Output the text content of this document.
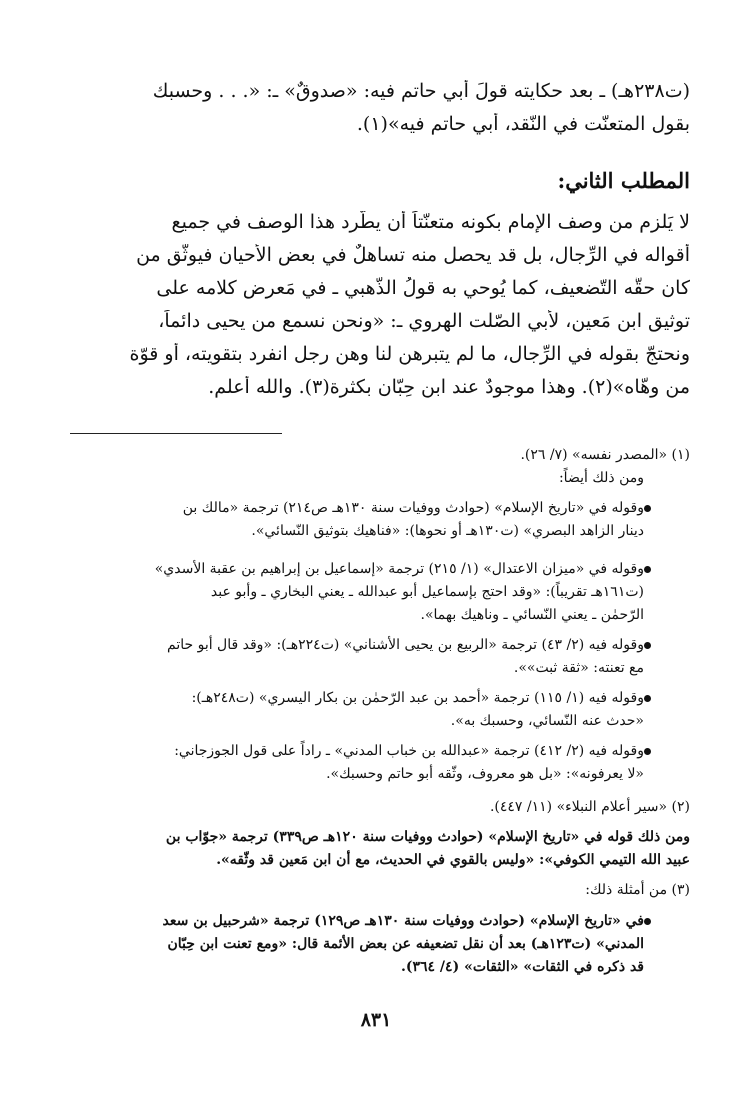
(ت٢٣٨هـ) ـ بعد حكايته قولَ أبي حاتم فيه: «صدوقٌ» ـ: «. . . وحسبك
بقول المتعنّت في النّقد، أبي حاتم فيه»(١).
المطلب الثاني:
لا يَلزم من وصف الإمام بكونه متعنّتاً أن يطّرِد هذا الوصف في جميع
أقواله في الرِّجال، بل قد يحصل منه تساهلٌ في بعض الأحيان فيوثّق من
كان حقُّه التّضعيف، كما يُوحي به قولُ الذّهبي ـ في مَعرِض كلامه على
توثيق ابن مَعين، لأبي الصّلت الهروي ـ: «ونحن نسمع من يحيى دائماً،
ونحتجّ بقوله في الرِّجال، ما لم يتبرهن لنا وهن رجل انفرد بتقويته، أو قوّة
من وهّاه»(٢). وهذا موجودٌ عند ابن حِبّان بكثرة(٣). والله أعلم.
(١) «المصدر نفسه» (٧/ ٢٦).
ومن ذلك أيضاً:
وقوله في «تاريخ الإسلام» (حوادث ووفيات سنة ١٣٠هـ ص٢١٤) ترجمة «مالك بن
دينار الزاهد البصري» (ت١٣٠هـ أو نحوها): «فناهيك بتوثيق النّسائي».
وقوله في «ميزان الاعتدال» (١/ ٢١٥) ترجمة «إسماعيل بن إبراهيم بن عقبة الأسدي»
(ت١٦١هـ تقريباً): «وقد احتج بإسماعيل أبو عبدالله ـ يعني البخاري ـ وأبو عبد
الرّحمٰن ـ يعني النّسائي ـ وناهيك بهما».
وقوله فيه (٢/ ٤٣) ترجمة «الربيع بن يحيى الأشناني» (ت٢٢٤هـ): «وقد قال أبو حاتم
مع تعنته: «ثقة ثبت»».
وقوله فيه (١/ ١١٥) ترجمة «أحمد بن عبد الرّحمٰن بن بكار اليسري» (ت٢٤٨هـ):
«حدث عنه النّسائي، وحسبك به».
وقوله فيه (٢/ ٤١٢) ترجمة «عبدالله بن خباب المدني» ـ راداً على قول الجوزجاني:
«لا يعرفونه»: «بل هو معروف، وثّقه أبو حاتم وحسبك».
(٢) «سير أعلام النبلاء» (١١/ ٤٤٧).
ومن ذلك قوله في «تاريخ الإسلام» (حوادث ووفيات سنة ١٢٠هـ ص٣٣٩) ترجمة «جوّاب بن
عبيد الله التيمي الكوفي»: «وليس بالقوي في الحديث، مع أن ابن مَعين قد وثّقه».
(٣) من أمثلة ذلك:
في «تاريخ الإسلام» (حوادث ووفيات سنة ١٣٠هـ ص١٢٩) ترجمة «شرحبيل بن سعد
المدني» (ت١٢٣هـ) بعد أن نقل تضعيفه عن بعض الأئمة قال: «ومع تعنت ابن حِبّان
قد ذكره في الثقات» «الثقات» (٤/ ٣٦٤).
٨٣١
